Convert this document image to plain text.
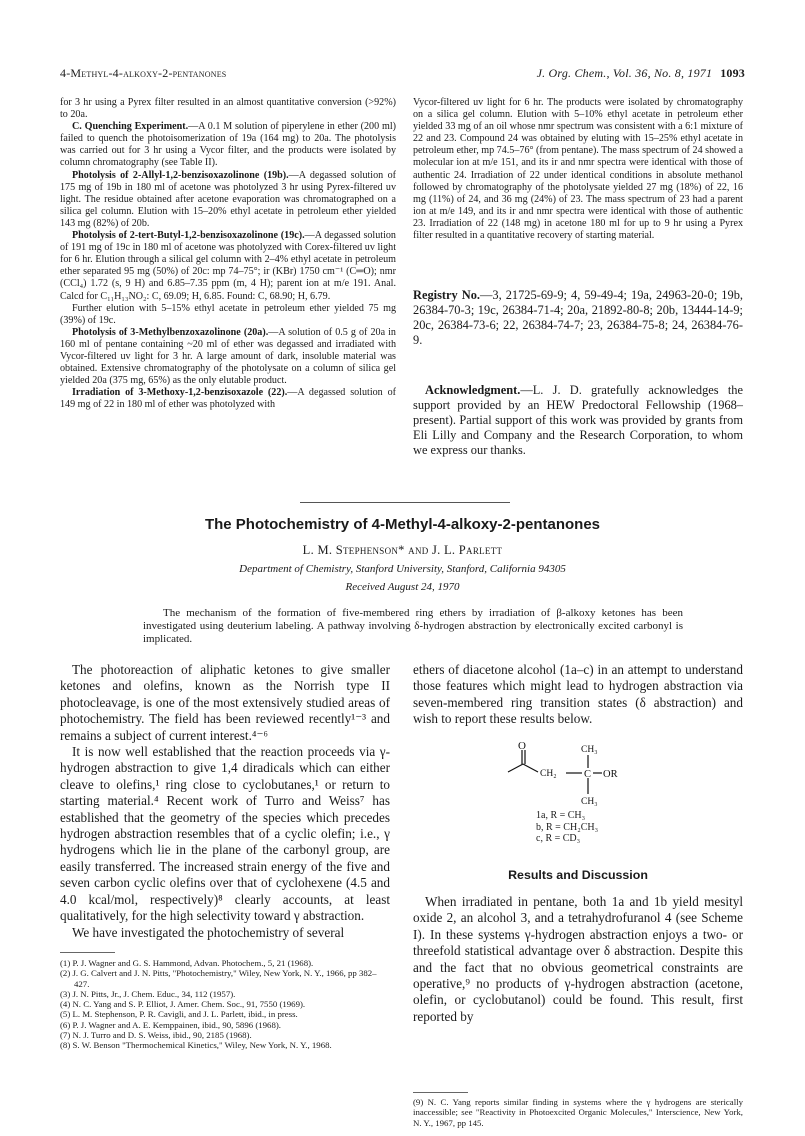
4-Methyl-4-alkoxy-2-pentanones	J. Org. Chem., Vol. 36, No. 8, 1971 1093

for 3 hr using a Pyrex filter resulted in an almost quantitative conversion (>92%) to 20a.

C. Quenching Experiment.—A 0.1 M solution of piperylene in ether (200 ml) failed to quench the photoisomerization of 19a (164 mg) to 20a. The photolysis was carried out for 3 hr using a Vycor filter, and the products were isolated by column chromatography (see Table II).

Photolysis of 2-Allyl-1,2-benzisoxazolinone (19b).—A degassed solution of 175 mg of 19b in 180 ml of acetone was photolyzed 3 hr using Pyrex-filtered uv light. The residue obtained after acetone evaporation was chromatographed on a silica gel column. Elution with 15–20% ethyl acetate in petroleum ether yielded 143 mg (82%) of 20b.

Photolysis of 2-tert-Butyl-1,2-benzisoxazolinone (19c).—A degassed solution of 191 mg of 19c in 180 ml of acetone was photolyzed with Corex-filtered uv light for 6 hr. Elution through a silical gel column with 2–4% ethyl acetate in petroleum ether separated 95 mg (50%) of 20c: mp 74–75°; ir (KBr) 1750 cm⁻¹ (C═O); nmr (CCl₄) 1.72 (s, 9 H) and 6.85–7.35 ppm (m, 4 H); parent ion at m/e 191. Anal. Calcd for C₁₁H₁₃NO₂: C, 69.09; H, 6.85. Found: C, 68.90; H, 6.79.

Further elution with 5–15% ethyl acetate in petroleum ether yielded 75 mg (39%) of 19c.

Photolysis of 3-Methylbenzoxazolinone (20a).—A solution of 0.5 g of 20a in 160 ml of pentane containing ~20 ml of ether was degassed and irradiated with Vycor-filtered uv light for 3 hr. A large amount of dark, insoluble material was obtained. Extensive chromatography of the photolysate on a column of silica gel yielded 20a (375 mg, 65%) as the only elutable product.

Irradiation of 3-Methoxy-1,2-benzisoxazole (22).—A degassed solution of 149 mg of 22 in 180 ml of ether was photolyzed with

Vycor-filtered uv light for 6 hr. The products were isolated by chromatography on a silica gel column. Elution with 5–10% ethyl acetate in petroleum ether yielded 33 mg of an oil whose nmr spectrum was consistent with a 6:1 mixture of 22 and 23. Compound 24 was obtained by eluting with 15–25% ethyl acetate in petroleum ether, mp 74.5–76° (from pentane). The mass spectrum of 24 showed a molecular ion at m/e 151, and its ir and nmr spectra were identical with those of authentic 24. Irradiation of 22 under identical conditions in absolute methanol followed by chromatography of the photolysate yielded 27 mg (18%) of 22, 16 mg (11%) of 24, and 36 mg (24%) of 23. The mass spectrum of 23 had a parent ion at m/e 149, and its ir and nmr spectra were identical with those of authentic 23. Irradiation of 22 (148 mg) in acetone 180 ml for up to 9 hr using a Pyrex filter resulted in a quantitative recovery of starting material.

Registry No.—3, 21725-69-9; 4, 59-49-4; 19a, 24963-20-0; 19b, 26384-70-3; 19c, 26384-71-4; 20a, 21892-80-8; 20b, 13444-14-9; 20c, 26384-73-6; 22, 26384-74-7; 23, 26384-75-8; 24, 26384-76-9.

Acknowledgment.—L. J. D. gratefully acknowledges the support provided by an HEW Predoctoral Fellowship (1968–present). Partial support of this work was provided by grants from Eli Lilly and Company and the Research Corporation, to whom we express our thanks.

The Photochemistry of 4-Methyl-4-alkoxy-2-pentanones
L. M. Stephenson* and J. L. Parlett
Department of Chemistry, Stanford University, Stanford, California 94305
Received August 24, 1970

The mechanism of the formation of five-membered ring ethers by irradiation of β-alkoxy ketones has been investigated using deuterium labeling. A pathway involving δ-hydrogen abstraction by electronically excited carbonyl is implicated.

The photoreaction of aliphatic ketones to give smaller ketones and olefins, known as the Norrish type II photocleavage, is one of the most extensively studied areas of photochemistry. The field has been reviewed recently¹⁻³ and remains a subject of current interest.⁴⁻⁶

It is now well established that the reaction proceeds via γ-hydrogen abstraction to give 1,4 diradicals which can either cleave to olefins,¹ ring close to cyclobutanes,¹ or return to starting material.⁴ Recent work of Turro and Weiss⁷ has established that the geometry of the species which precedes hydrogen abstraction resembles that of a cyclic olefin; i.e., γ hydrogens which lie in the plane of the carbonyl group, are easily transferred. The increased strain energy of the five and seven carbon cyclic olefins over that of cyclohexene (4.5 and 4.0 kcal/mol, respectively)⁸ clearly accounts, at least qualitatively, for the high selectivity toward γ abstraction.

We have investigated the photochemistry of several

(1) P. J. Wagner and G. S. Hammond, Advan. Photochem., 5, 21 (1968).
(2) J. G. Calvert and J. N. Pitts, "Photochemistry," Wiley, New York, N. Y., 1966, pp 382–427.
(3) J. N. Pitts, Jr., J. Chem. Educ., 34, 112 (1957).
(4) N. C. Yang and S. P. Elliot, J. Amer. Chem. Soc., 91, 7550 (1969).
(5) L. M. Stephenson, P. R. Cavigli, and J. L. Parlett, ibid., in press.
(6) P. J. Wagner and A. E. Kemppainen, ibid., 90, 5896 (1968).
(7) N. J. Turro and D. S. Weiss, ibid., 90, 2185 (1968).
(8) S. W. Benson "Thermochemical Kinetics," Wiley, New York, N. Y., 1968.

ethers of diacetone alcohol (1a–c) in an attempt to understand those features which might lead to hydrogen abstraction via seven-membered ring transition states (δ abstraction) and wish to report these results below.

O	CH₃
CH₂	C OR
CH₃
1a, R = CH₃
b, R = CH₂CH₃
c, R = CD₃
Results and Discussion

When irradiated in pentane, both 1a and 1b yield mesityl oxide 2, an alcohol 3, and a tetrahydrofuranol 4 (see Scheme I). In these systems γ-hydrogen abstraction enjoys a two- or threefold statistical advantage over δ abstraction. Despite this and the fact that no obvious geometrical constraints are operative,⁹ no products of γ-hydrogen abstraction (acetone, olefin, or cyclobutanol) could be found. This result, first reported by

(9) N. C. Yang reports similar finding in systems where the γ hydrogens are sterically inaccessible; see "Reactivity in Photoexcited Organic Molecules," Interscience, New York, N. Y., 1967, pp 145.
